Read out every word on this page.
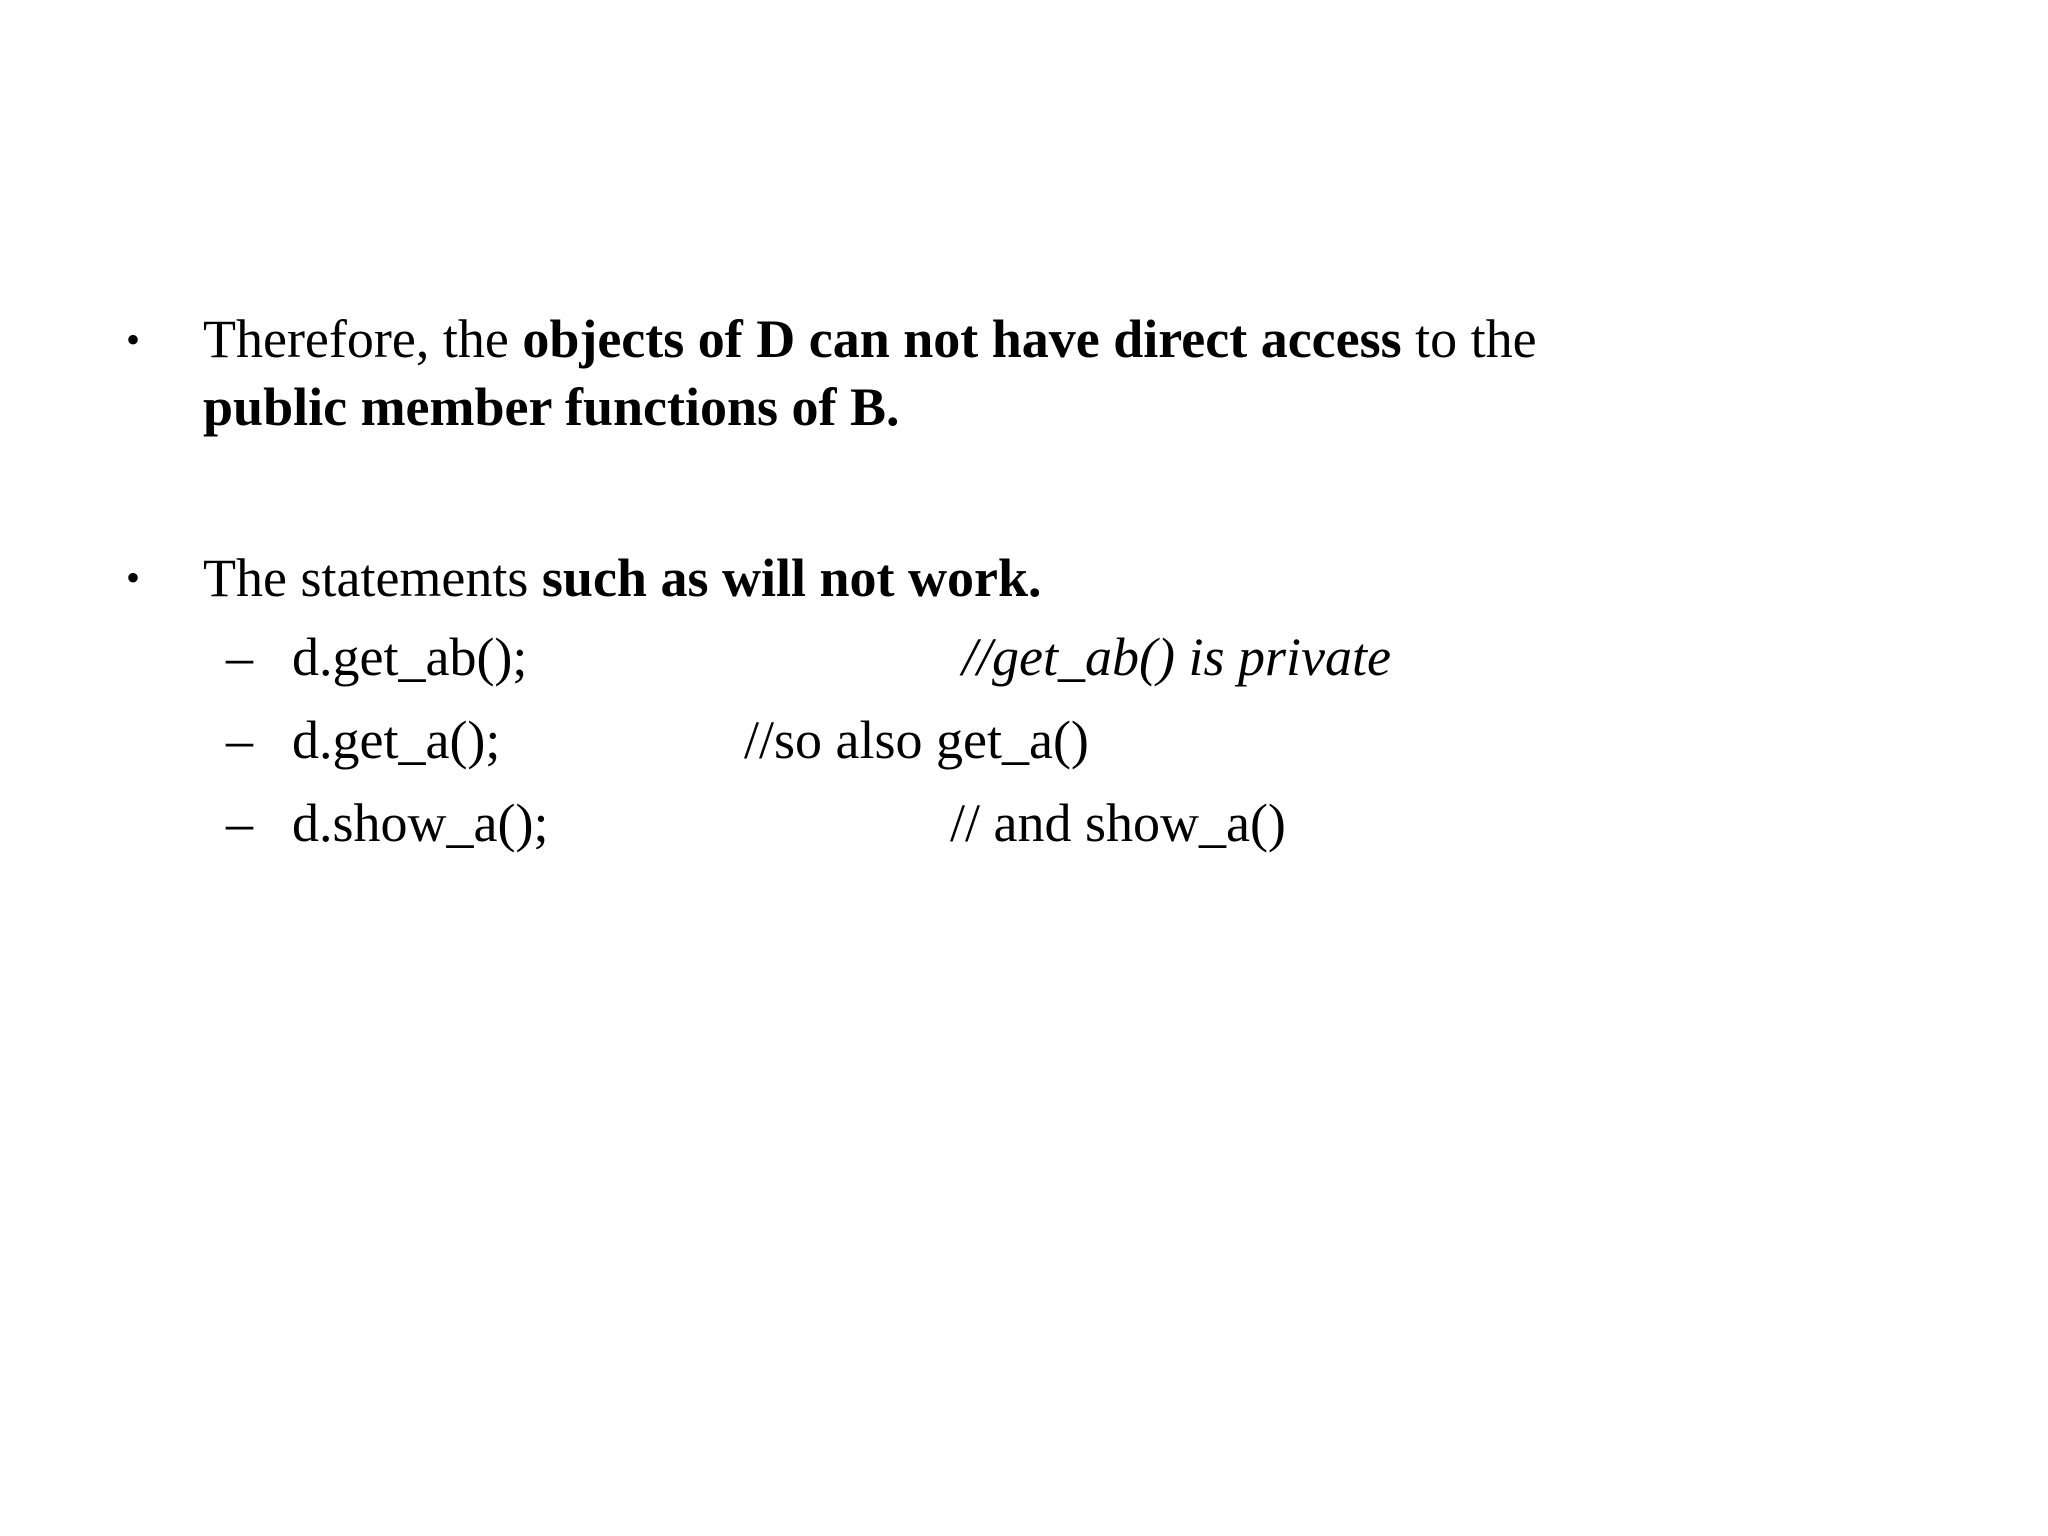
• Therefore, the objects of D can not have direct access to the
public member functions of B.
• The statements such as will not work.
– d.get_ab();	//get_ab() is private
– d.get_a();	//so also get_a()
– d.show_a();	// and show_a()
